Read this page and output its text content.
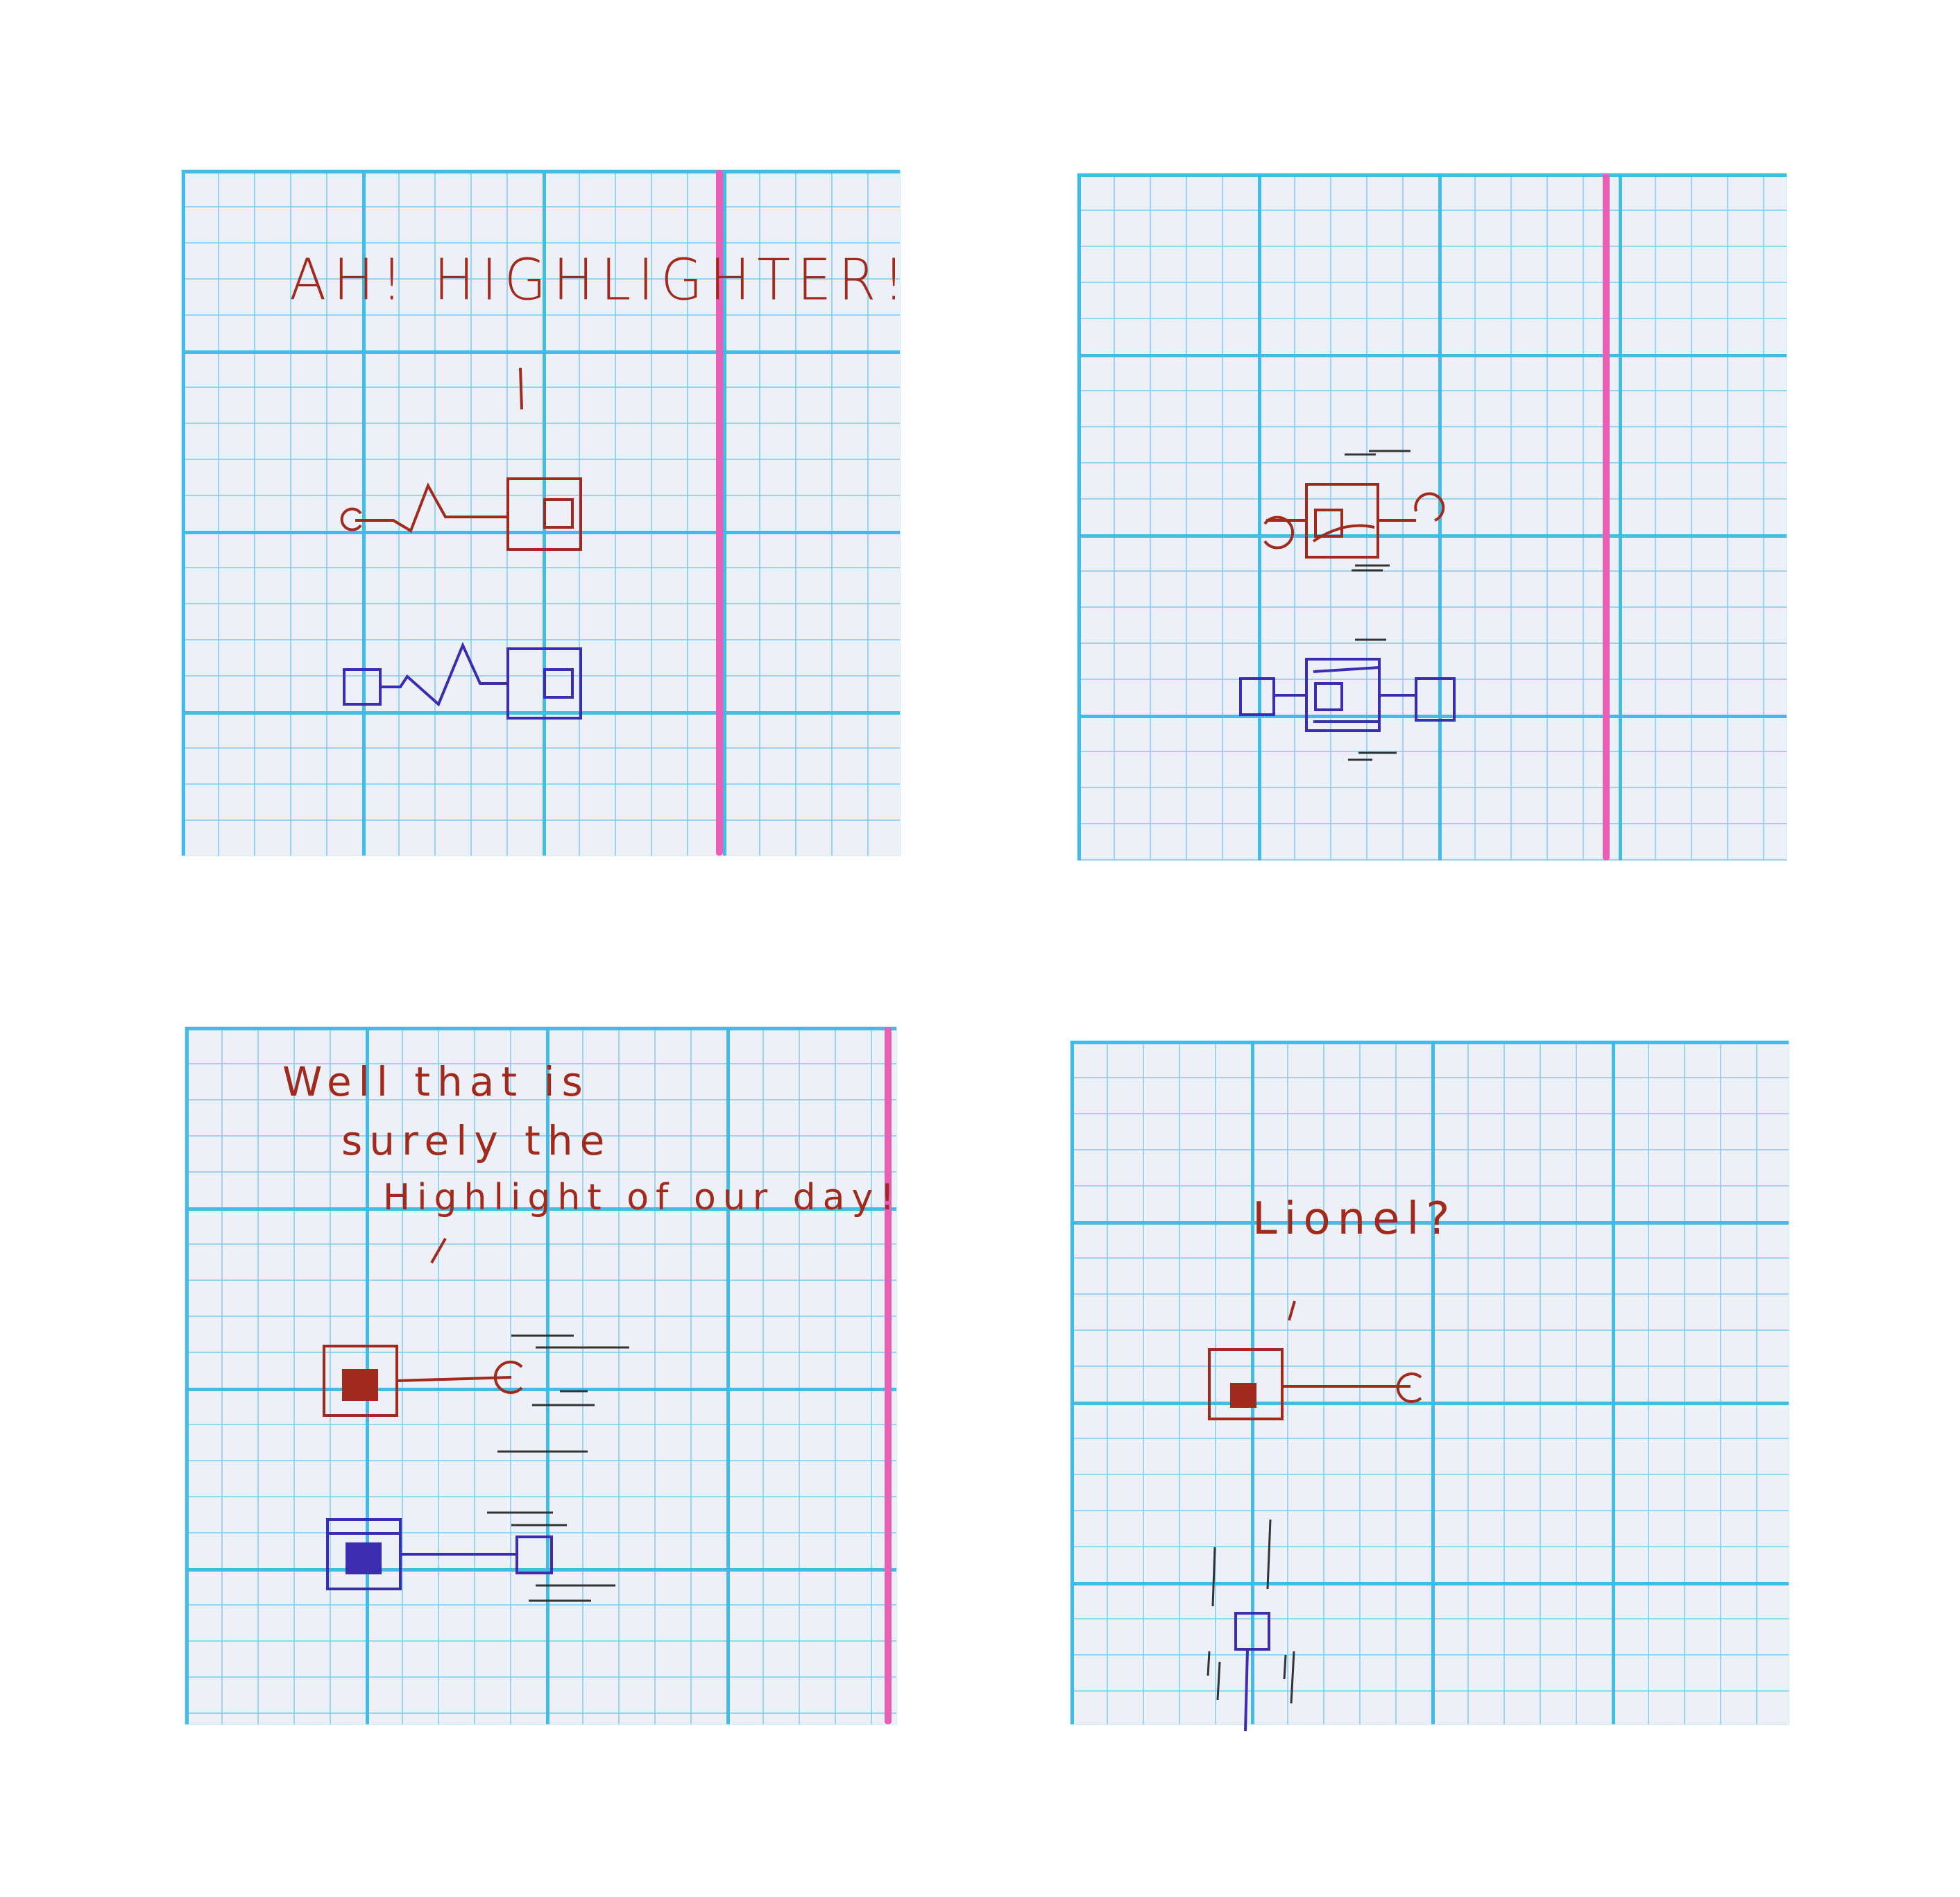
AH! HIGHLIGHTER!
Well that is
surely the
Highlight of our day!	Lionel?
